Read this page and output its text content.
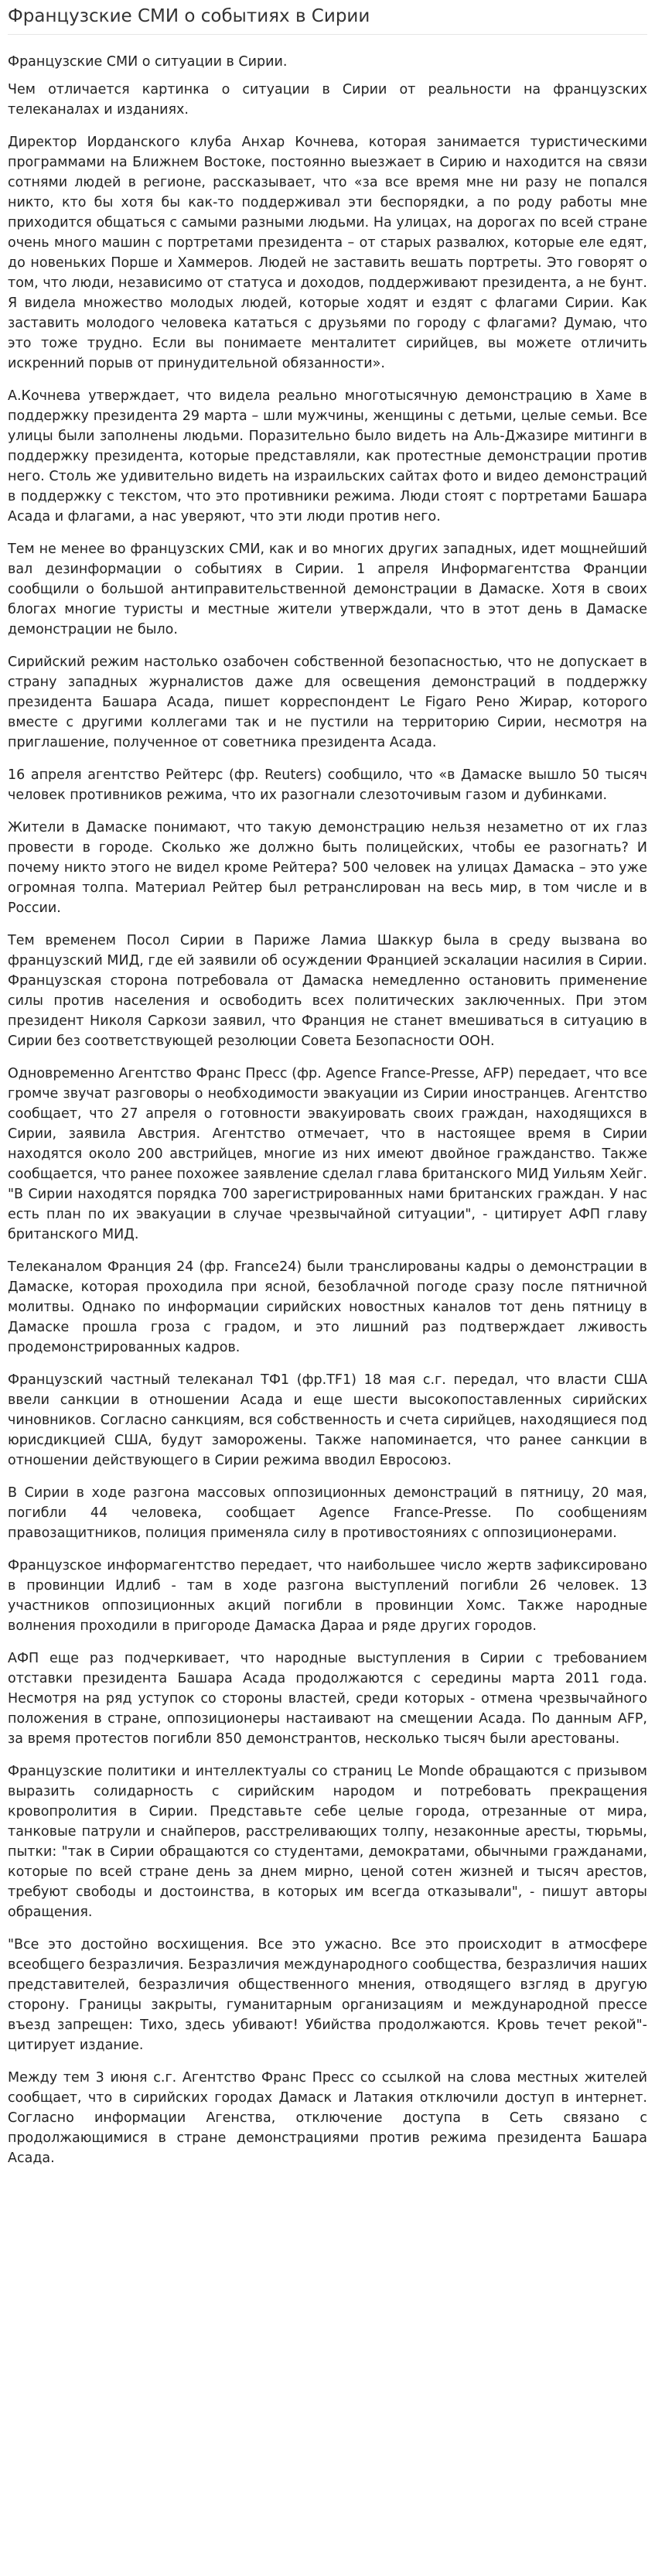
Французские СМИ о событиях в Сирии

Французские СМИ о ситуации в Сирии.

Чем отличается картинка о ситуации в Сирии от реальности на французских телеканалах и изданиях.

Директор Иорданского клуба Анхар Кочнева, которая занимается туристическими программами на Ближнем Востоке, постоянно выезжает в Сирию и находится на связи сотнями людей в регионе, рассказывает, что «за все время мне ни разу не попался никто, кто бы хотя бы как-то поддерживал эти беспорядки, а по роду работы мне приходится общаться с самыми разными людьми. На улицах, на дорогах по всей стране очень много машин с портретами президента – от старых развалюх, которые еле едят, до новеньких Порше и Хаммеров. Людей не заставить вешать портреты. Это говорят о том, что люди, независимо от статуса и доходов, поддерживают президента, а не бунт. Я видела множество молодых людей, которые ходят и ездят с флагами Сирии. Как заставить молодого человека кататься с друзьями по городу с флагами? Думаю, что это тоже трудно. Если вы понимаете менталитет сирийцев, вы можете отличить искренний порыв от принудительной обязанности».

А.Кочнева утверждает, что видела реально многотысячную демонстрацию в Хаме в поддержку президента 29 марта – шли мужчины, женщины с детьми, целые семьи. Все улицы были заполнены людьми. Поразительно было видеть на Аль-Джазире митинги в поддержку президента, которые представляли, как протестные демонстрации против него. Столь же удивительно видеть на израильских сайтах фото и видео демонстраций в поддержку с текстом, что это противники режима. Люди стоят с портретами Башара Асада и флагами, а нас уверяют, что эти люди против него.

Тем не менее во французских СМИ, как и во многих других западных, идет мощнейший вал дезинформации о событиях в Сирии. 1 апреля Информагентства Франции сообщили о большой антиправительственной демонстрации в Дамаске. Хотя в своих блогах многие туристы и местные жители утверждали, что в этот день в Дамаске демонстрации не было.

Сирийский режим настолько озабочен собственной безопасностью, что не допускает в страну западных журналистов даже для освещения демонстраций в поддержку президента Башара Асада, пишет корреспондент Le Figaro Рено Жирар, которого вместе с другими коллегами так и не пустили на территорию Сирии, несмотря на приглашение, полученное от советника президента Асада.

16 апреля агентство Рейтерс (фр. Reuters) сообщило, что «в Дамаске вышло 50 тысяч человек противников режима, что их разогнали слезоточивым газом и дубинками.

Жители в Дамаске понимают, что такую демонстрацию нельзя незаметно от их глаз провести в городе. Сколько же должно быть полицейских, чтобы ее разогнать? И почему никто этого не видел кроме Рейтера? 500 человек на улицах Дамаска – это уже огромная толпа. Материал Рейтер был ретранслирован на весь мир, в том числе и в России.

Тем временем Посол Сирии в Париже Ламиа Шаккур была в среду вызвана во французский МИД, где ей заявили об осуждении Францией эскалации насилия в Сирии. Французская сторона потребовала от Дамаска немедленно остановить применение силы против населения и освободить всех политических заключенных. При этом президент Николя Саркози заявил, что Франция не станет вмешиваться в ситуацию в Сирии без соответствующей резолюции Совета Безопасности ООН.

Одновременно Агентство Франс Пресс (фр. Agence France-Presse, AFP) передает, что все громче звучат разговоры о необходимости эвакуации из Сирии иностранцев. Агентство сообщает, что 27 апреля о готовности эвакуировать своих граждан, находящихся в Сирии, заявила Австрия. Агентство отмечает, что в настоящее время в Сирии находятся около 200 австрийцев, многие из них имеют двойное гражданство. Также сообщается, что ранее похожее заявление сделал глава британского МИД Уильям Хейг. "В Сирии находятся порядка 700 зарегистрированных нами британских граждан. У нас есть план по их эвакуации в случае чрезвычайной ситуации", - цитирует АФП главу британского МИД.

Телеканалом Франция 24 (фр. France24) были транслированы кадры о демонстрации в Дамаске, которая проходила при ясной, безоблачной погоде сразу после пятничной молитвы. Однако по информации сирийских новостных каналов тот день пятницу в Дамаске прошла гроза с градом, и это лишний раз подтверждает лживость продемонстрированных кадров.

Французский частный телеканал ТФ1 (фр.TF1) 18 мая с.г. передал, что власти США ввели санкции в отношении Асада и еще шести высокопоставленных сирийских чиновников. Согласно санкциям, вся собственность и счета сирийцев, находящиеся под юрисдикцией США, будут заморожены. Также напоминается, что ранее санкции в отношении действующего в Сирии режима вводил Евросоюз.

В Сирии в ходе разгона массовых оппозиционных демонстраций в пятницу, 20 мая, погибли 44 человека, сообщает Agence France-Presse. По сообщениям правозащитников, полиция применяла силу в противостояниях с оппозиционерами.

Французское информагентство передает, что наибольшее число жертв зафиксировано в провинции Идлиб - там в ходе разгона выступлений погибли 26 человек. 13 участников оппозиционных акций погибли в провинции Хомс. Также народные волнения проходили в пригороде Дамаска Дараа и ряде других городов.

АФП еще раз подчеркивает, что народные выступления в Сирии с требованием отставки президента Башара Асада продолжаются с середины марта 2011 года. Несмотря на ряд уступок со стороны властей, среди которых - отмена чрезвычайного положения в стране, оппозиционеры настаивают на смещении Асада. По данным AFP, за время протестов погибли 850 демонстрантов, несколько тысяч были арестованы.

Французские политики и интеллектуалы со страниц Le Monde обращаются с призывом выразить солидарность с сирийским народом и потребовать прекращения кровопролития в Сирии. Представьте себе целые города, отрезанные от мира, танковые патрули и снайперов, расстреливающих толпу, незаконные аресты, тюрьмы, пытки: "так в Сирии обращаются со студентами, демократами, обычными гражданами, которые по всей стране день за днем мирно, ценой сотен жизней и тысяч арестов, требуют свободы и достоинства, в которых им всегда отказывали", - пишут авторы обращения.

"Все это достойно восхищения. Все это ужасно. Все это происходит в атмосфере всеобщего безразличия. Безразличия международного сообщества, безразличия наших представителей, безразличия общественного мнения, отводящего взгляд в другую сторону. Границы закрыты, гуманитарным организациям и международной прессе въезд запрещен: Тихо, здесь убивают! Убийства продолжаются. Кровь течет рекой"- цитирует издание.

Между тем 3 июня с.г. Агентство Франс Пресс со ссылкой на слова местных жителей сообщает, что в сирийских городах Дамаск и Латакия отключили доступ в интернет. Согласно информации Агенства, отключение доступа в Сеть связано с продолжающимися в стране демонстрациями против режима президента Башара Асада.
